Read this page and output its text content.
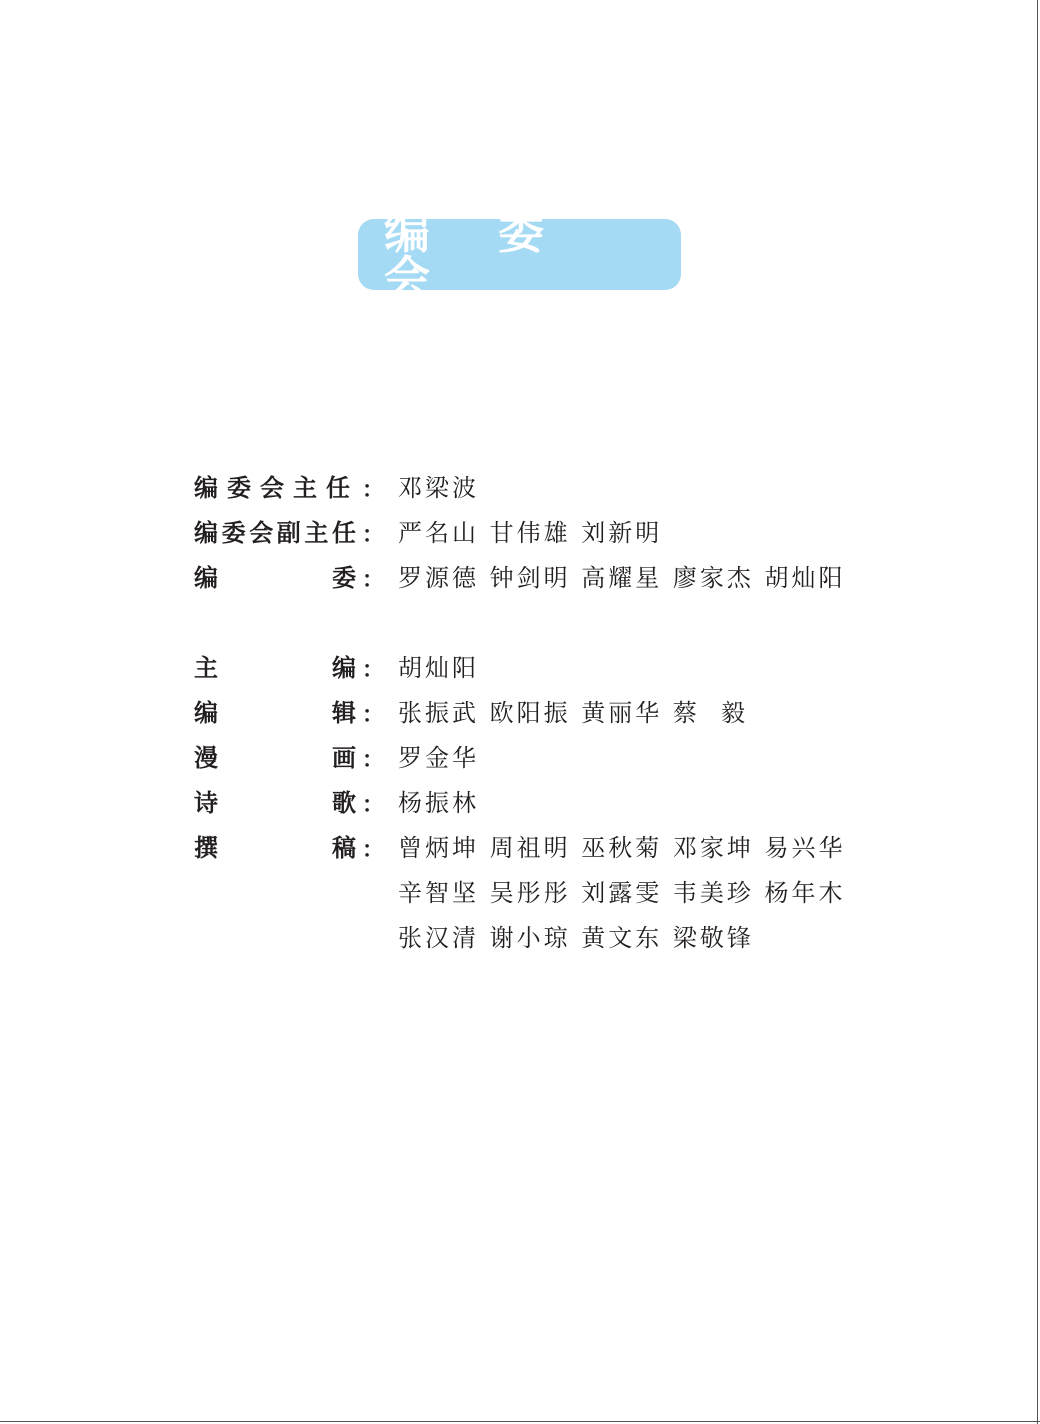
编 委 会
编委会主任 ： 邓梁波
编委会副主任 ： 严名山 甘伟雄 刘新明
编委 ： 罗源德 钟剑明 高耀星 廖家杰 胡灿阳
主编 ： 胡灿阳
编辑 ： 张振武 欧阳振 黄丽华 蔡  毅
漫画 ： 罗金华
诗歌 ： 杨振林
撰稿 ： 曾炳坤 周祖明 巫秋菊 邓家坤 易兴华
辛智坚 吴彤彤 刘露雯 韦美珍 杨年木
张汉清 谢小琼 黄文东 梁敬锋
